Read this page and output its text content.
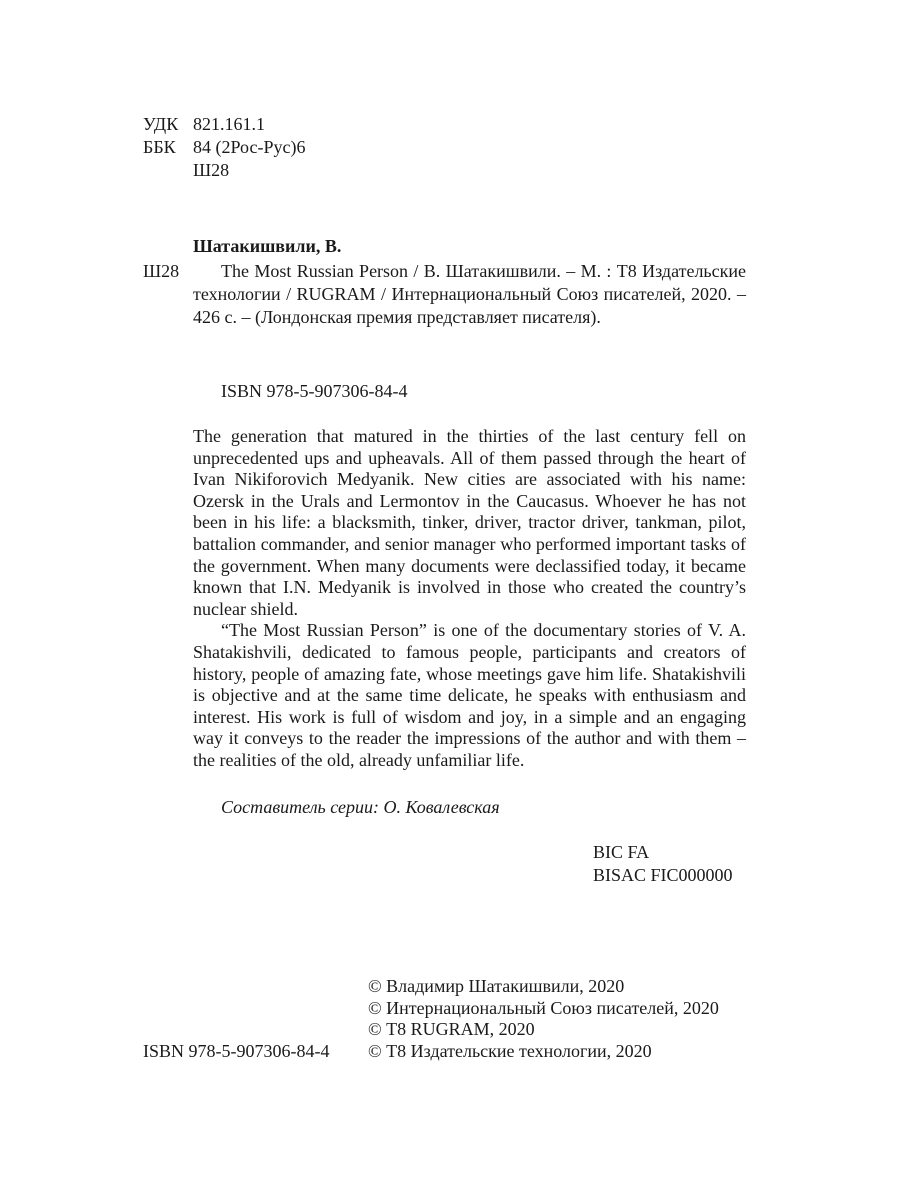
УДК 821.161.1
ББК 84 (2Рос-Рус)6
Ш28
Шатакишвили, В.
Ш28	The Most Russian Person / В. Шатакишвили. – М. : Т8 Издательские технологии / RUGRAM / Интернациональный Союз писателей, 2020. – 426 с. – (Лондонская премия представляет писателя).
ISBN 978-5-907306-84-4

The generation that matured in the thirties of the last century fell on unprecedented ups and upheavals. All of them passed through the heart of Ivan Nikiforovich Medyanik. New cities are associated with his name: Ozersk in the Urals and Lermontov in the Caucasus. Whoever he has not been in his life: a blacksmith, tinker, driver, tractor driver, tankman, pilot, battalion commander, and senior manager who performed important tasks of the government. When many documents were declassified today, it became known that I.N. Medyanik is involved in those who created the country’s nuclear shield.

“The Most Russian Person” is one of the documentary stories of V. A. Shatakishvili, dedicated to famous people, participants and creators of history, people of amazing fate, whose meetings gave him life. Shatakishvili is objective and at the same time delicate, he speaks with enthusiasm and interest. His work is full of wisdom and joy, in a simple and an engaging way it conveys to the reader the impressions of the author and with them – the realities of the old, already unfamiliar life.

Составитель серии: О. Ковалевская
BIC FA
BISAC FIC000000
© Владимир Шатакишвили, 2020
© Интернациональный Союз писателей, 2020
© Т8 RUGRAM, 2020
© Т8 Издательские технологии, 2020
ISBN 978-5-907306-84-4
